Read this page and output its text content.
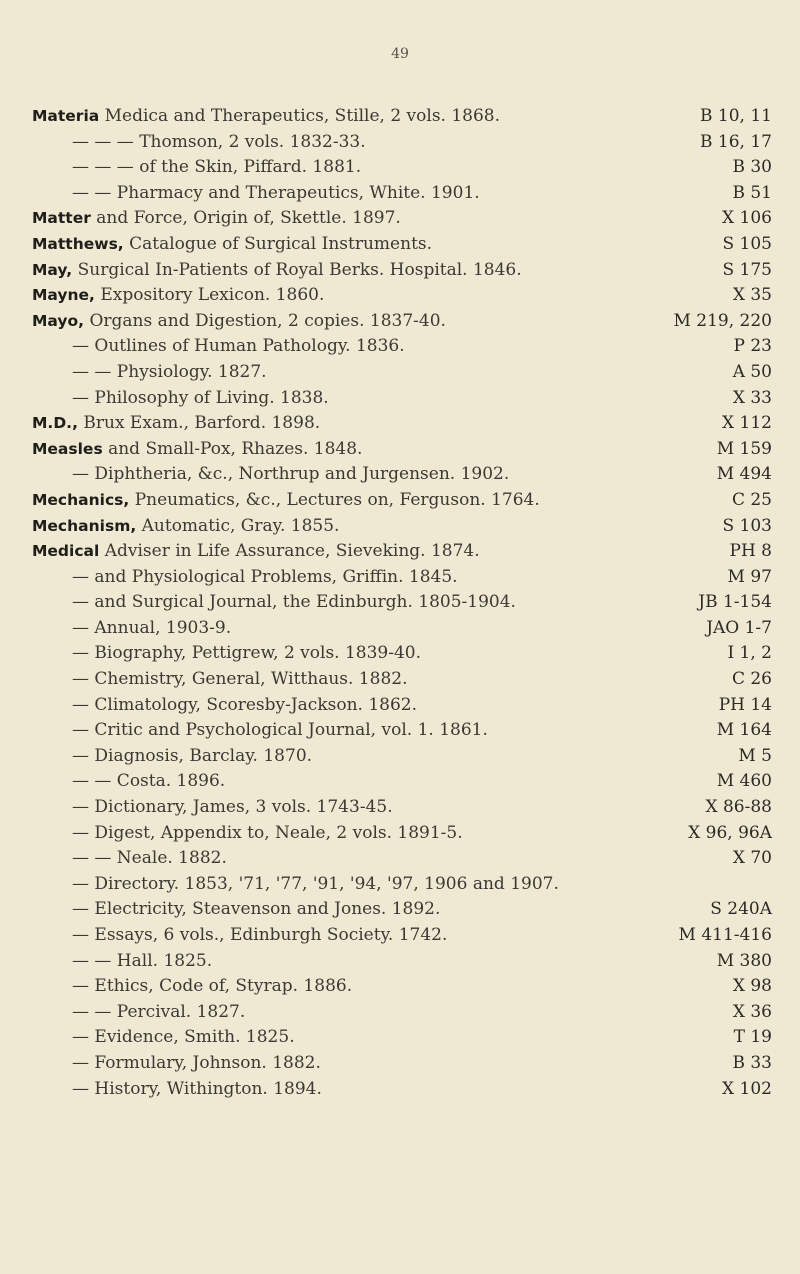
49
Materia Medica and Therapeutics, Stille, 2 vols. 1868.	B 10, 11
— — — Thomson, 2 vols. 1832-33.	B 16, 17
— — — of the Skin, Piffard. 1881.	B 30
— — Pharmacy and Therapeutics, White. 1901.	B 51
Matter and Force, Origin of, Skettle. 1897.	X 106
Matthews, Catalogue of Surgical Instruments.	S 105
May, Surgical In-Patients of Royal Berks. Hospital. 1846.	S 175
Mayne, Expository Lexicon. 1860.	X 35
Mayo, Organs and Digestion, 2 copies. 1837-40.	M 219, 220
— Outlines of Human Pathology. 1836.	P 23
— — Physiology. 1827.	A 50
— Philosophy of Living. 1838.	X 33
M.D., Brux Exam., Barford. 1898.	X 112
Measles and Small-Pox, Rhazes. 1848.	M 159
— Diphtheria, &c., Northrup and Jurgensen. 1902.	M 494
Mechanics, Pneumatics, &c., Lectures on, Ferguson. 1764.	C 25
Mechanism, Automatic, Gray. 1855.	S 103
Medical Adviser in Life Assurance, Sieveking. 1874.	PH 8
— and Physiological Problems, Griffin. 1845.	M 97
— and Surgical Journal, the Edinburgh. 1805-1904.	JB 1-154
— Annual, 1903-9.	JAO 1-7
— Biography, Pettigrew, 2 vols. 1839-40.	I 1, 2
— Chemistry, General, Witthaus. 1882.	C 26
— Climatology, Scoresby-Jackson. 1862.	PH 14
— Critic and Psychological Journal, vol. 1. 1861.	M 164
— Diagnosis, Barclay. 1870.	M 5
— — Costa. 1896.	M 460
— Dictionary, James, 3 vols. 1743-45.	X 86-88
— Digest, Appendix to, Neale, 2 vols. 1891-5.	X 96, 96A
— — Neale. 1882.	X 70
— Directory. 1853, '71, '77, '91, '94, '97, 1906 and 1907.
— Electricity, Steavenson and Jones. 1892.	S 240A
— Essays, 6 vols., Edinburgh Society. 1742.	M 411-416
— — Hall. 1825.	M 380
— Ethics, Code of, Styrap. 1886.	X 98
— — Percival. 1827.	X 36
— Evidence, Smith. 1825.	T 19
— Formulary, Johnson. 1882.	B 33
— History, Withington. 1894.	X 102
